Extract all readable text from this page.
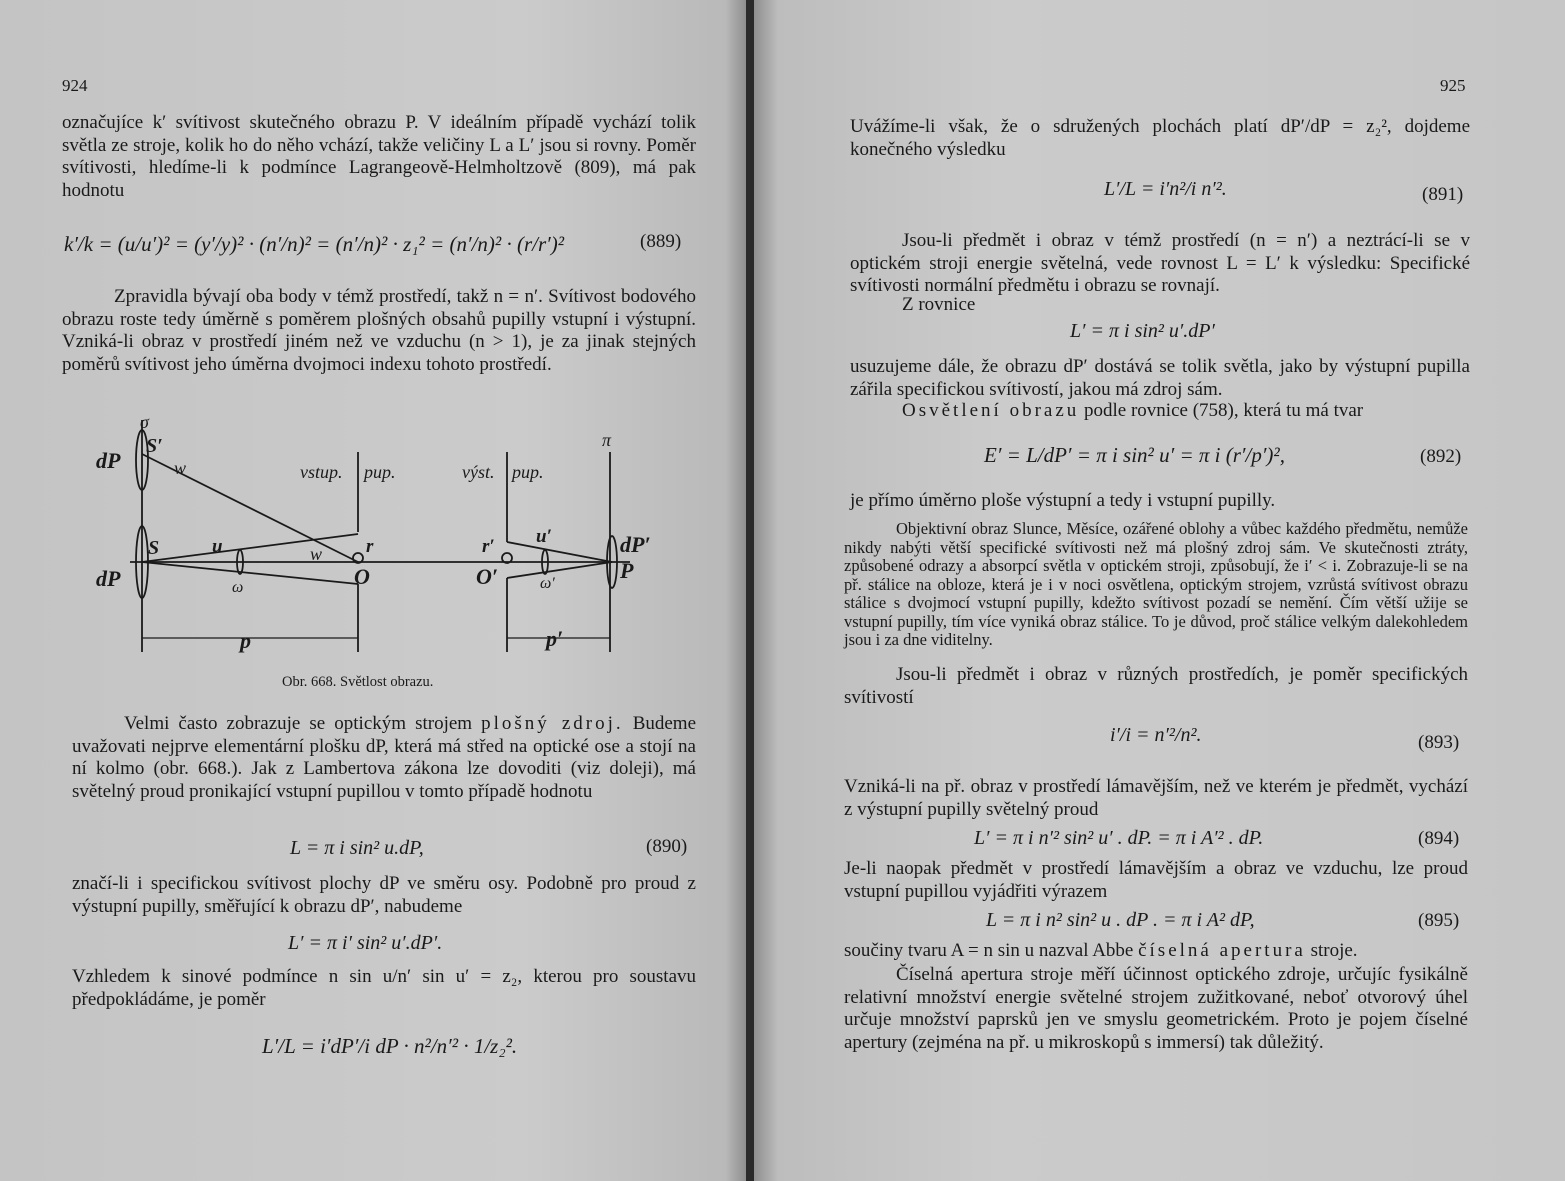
924
označujíce k′ svítivost skutečného obrazu P. V ideálním případě vychází tolik světla ze stroje, kolik ho do něho vchází, takže veličiny L a L′ jsou si rovny. Poměr svítivosti, hledíme-li k podmínce Lagrangeově-Helmholtzově (809), má pak hodnotu
k′/k = (u/u′)² = (y′/y)² · (n′/n)² = (n′/n)² · z₁² = (n′/n)² · (r/r′)²	(889)
Zpravidla bývají oba body v témž prostředí, takž n = n′. Svítivost bodového obrazu roste tedy úměrně s poměrem plošných obsahů pupilly vstupní i výstupní. Vzniká-li obraz v prostředí jiném než ve vzduchu (n > 1), je za jinak stejných poměrů svítivost jeho úměrna dvojmoci indexu tohoto prostředí.
dP
S′
σ
w	vstup. pup.	výst. pup.
π
dP
S	u
ω
w r
O
r′
O′
u′
ω′
dP′
P
p	p′
Obr. 668. Světlost obrazu.
Velmi často zobrazuje se optickým strojem plošný zdroj. Budeme uvažovati nejprve elementární plošku dP, která má střed na optické ose a stojí na ní kolmo (obr. 668.). Jak z Lambertova zákona lze dovoditi (viz doleji), má světelný proud pronikající vstupní pupillou v tomto případě hodnotu
L = π i sin² u.dP,	(890)
značí-li i specifickou svítivost plochy dP ve směru osy. Podobně pro proud z výstupní pupilly, směřující k obrazu dP′, nabudeme
L′ = π i′ sin² u′.dP′.
Vzhledem k sinové podmínce n sin u/n′ sin u′ = z₂, kterou pro soustavu předpokládáme, je poměr
L′/L = i′dP′/i dP · n²/n′² · 1/z₂².
925
Uvážíme-li však, že o sdružených plochách platí dP′/dP = z₂², dojdeme konečného výsledku
L′/L = i′n²/i n′².	(891)
Jsou-li předmět i obraz v témž prostředí (n = n′) a neztrácí-li se v optickém stroji energie světelná, vede rovnost L = L′ k výsledku: Specifické svítivosti normální předmětu i obrazu se rovnají.
Z rovnice
L′ = π i sin² u′.dP′
usuzujeme dále, že obrazu dP′ dostává se tolik světla, jako by výstupní pupilla zářila specifickou svítivostí, jakou má zdroj sám.
Osvětlení obrazu podle rovnice (758), která tu má tvar
E′ = L/dP′ = π i sin² u′ = π i (r′/p′)²,	(892)
je přímo úměrno ploše výstupní a tedy i vstupní pupilly.
Objektivní obraz Slunce, Měsíce, ozářené oblohy a vůbec každého předmětu, nemůže nikdy nabýti větší specifické svítivosti než má plošný zdroj sám. Ve skutečnosti ztráty, způsobené odrazy a absorpcí světla v optickém stroji, způsobují, že i′ < i. Zobrazuje-li se na př. stálice na obloze, která je i v noci osvětlena, optickým strojem, vzrůstá svítivost obrazu stálice s dvojmocí vstupní pupilly, kdežto svítivost pozadí se nemění. Čím větší užije se vstupní pupilly, tím více vyniká obraz stálice. To je důvod, proč stálice velkým dalekohledem jsou i za dne viditelny.
Jsou-li předmět i obraz v různých prostředích, je poměr specifických svítivostí
i′/i = n′²/n².	(893)
Vzniká-li na př. obraz v prostředí lámavějším, než ve kterém je předmět, vychází z výstupní pupilly světelný proud
L′ = π i n′² sin² u′ . dP. = π i A′² . dP.	(894)
Je-li naopak předmět v prostředí lámavějším a obraz ve vzduchu, lze proud vstupní pupillou vyjádřiti výrazem
L = π i n² sin² u . dP . = π i A² dP,	(895)
součiny tvaru A = n sin u nazval Abbe číselná apertura stroje.
Číselná apertura stroje měří účinnost optického zdroje, určujíc fysikálně relativní množství energie světelné strojem zužitkované, neboť otvorový úhel určuje množství paprsků jen ve smyslu geometrickém. Proto je pojem číselné apertury (zejména na př. u mikroskopů s immersí) tak důležitý.
